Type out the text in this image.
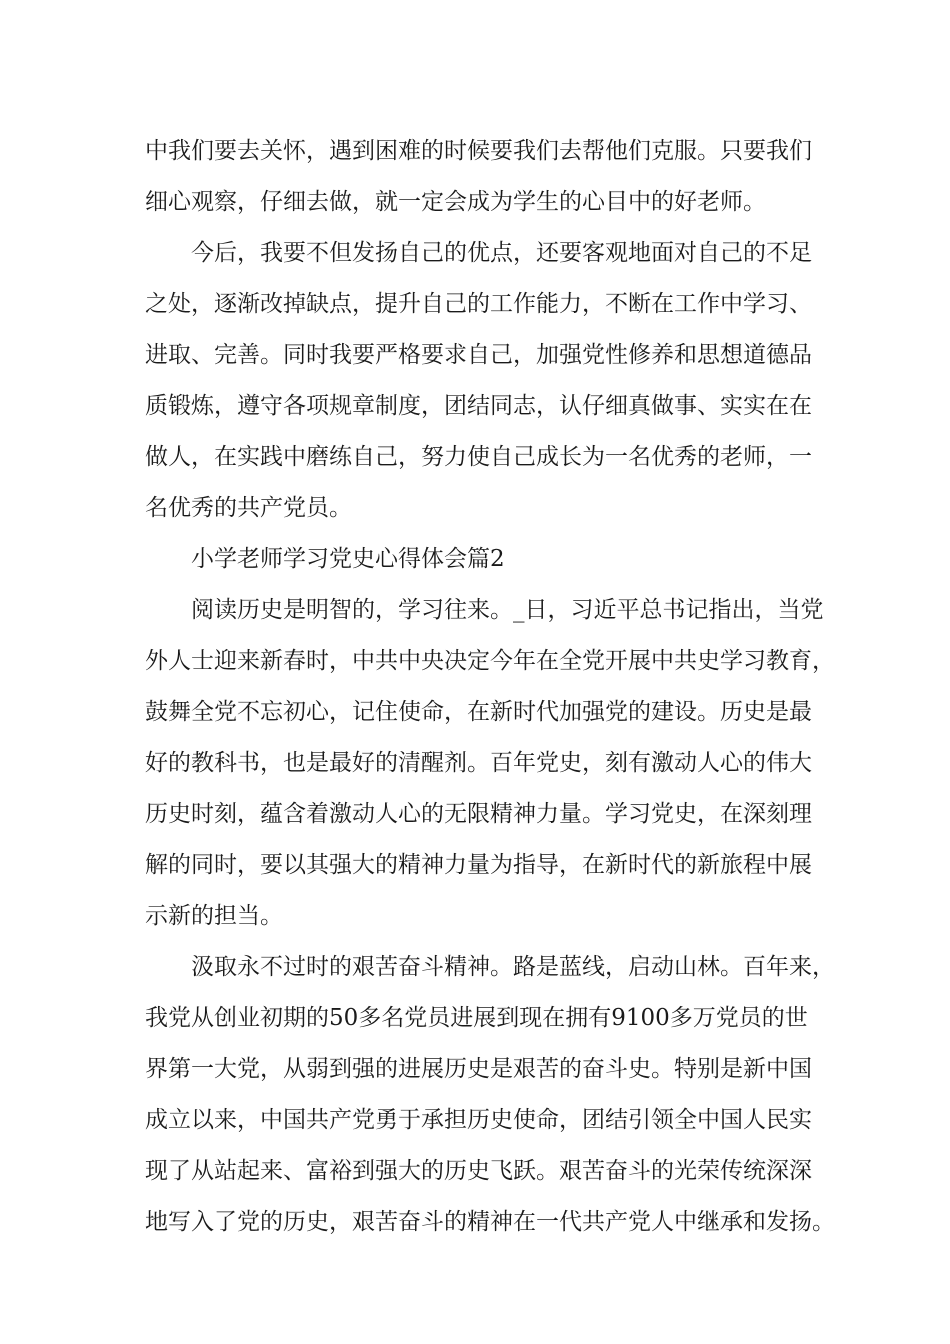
中我们要去关怀，遇到困难的时候要我们去帮他们克服。只要我们
细心观察，仔细去做，就一定会成为学生的心目中的好老师。
今后，我要不但发扬自己的优点，还要客观地面对自己的不足
之处，逐渐改掉缺点，提升自己的工作能力，不断在工作中学习、
进取、完善。同时我要严格要求自己，加强党性修养和思想道德品
质锻炼，遵守各项规章制度，团结同志，认仔细真做事、实实在在
做人，在实践中磨练自己，努力使自己成长为一名优秀的老师，一
名优秀的共产党员。
小学老师学习党史心得体会篇2
阅读历史是明智的，学习往来。_日，习近平总书记指出，当党
外人士迎来新春时，中共中央决定今年在全党开展中共史学习教育，
鼓舞全党不忘初心，记住使命，在新时代加强党的建设。历史是最
好的教科书，也是最好的清醒剂。百年党史，刻有激动人心的伟大
历史时刻，蕴含着激动人心的无限精神力量。学习党史，在深刻理
解的同时，要以其强大的精神力量为指导，在新时代的新旅程中展
示新的担当。
汲取永不过时的艰苦奋斗精神。路是蓝线，启动山林。百年来，
我党从创业初期的50多名党员进展到现在拥有9100多万党员的世
界第一大党，从弱到强的进展历史是艰苦的奋斗史。特别是新中国
成立以来，中国共产党勇于承担历史使命，团结引领全中国人民实
现了从站起来、富裕到强大的历史飞跃。艰苦奋斗的光荣传统深深
地写入了党的历史，艰苦奋斗的精神在一代共产党人中继承和发扬。
